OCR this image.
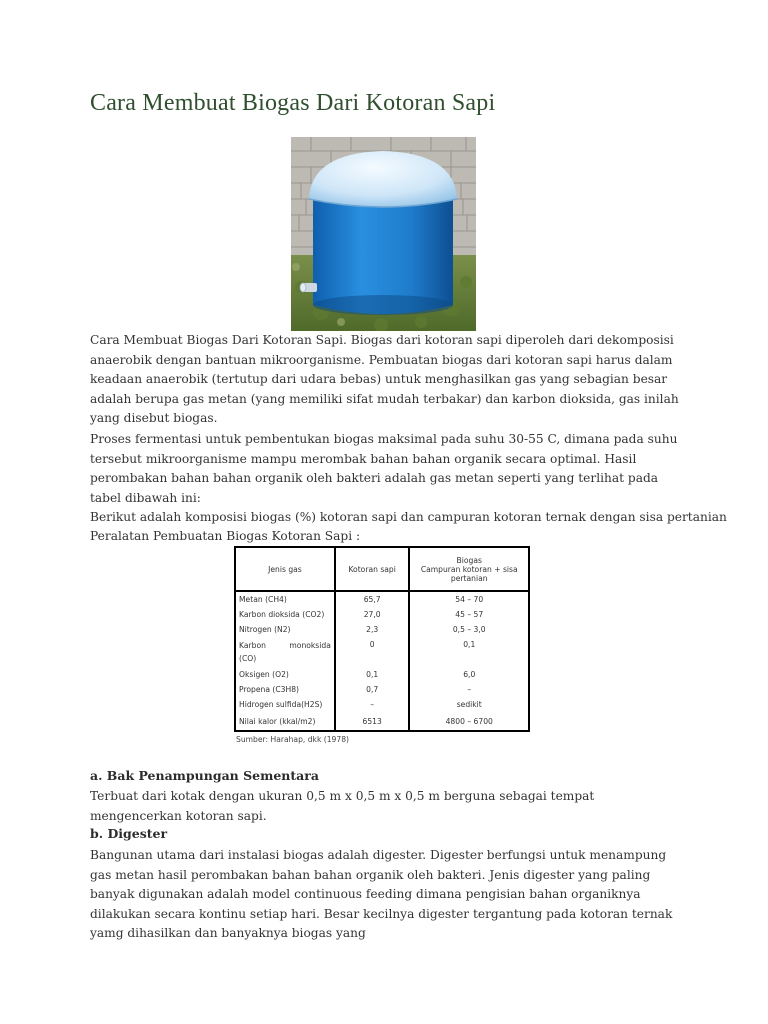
Cara Membuat Biogas Dari Kotoran Sapi

Cara Membuat Biogas Dari Kotoran Sapi. Biogas dari kotoran sapi diperoleh dari dekomposisi anaerobik dengan bantuan mikroorganisme. Pembuatan biogas dari kotoran sapi harus dalam keadaan anaerobik (tertutup dari udara bebas) untuk menghasilkan gas yang sebagian besar adalah berupa gas metan (yang memiliki sifat mudah terbakar) dan karbon dioksida, gas inilah yang disebut biogas.

Proses fermentasi untuk pembentukan biogas maksimal pada suhu 30-55 C, dimana pada suhu tersebut mikroorganisme mampu merombak bahan bahan organik secara optimal. Hasil perombakan bahan bahan organik oleh bakteri adalah gas metan seperti yang terlihat pada tabel dibawah ini:

Berikut adalah komposisi biogas (%) kotoran sapi dan campuran kotoran ternak dengan sisa pertanian

Peralatan Pembuatan Biogas Kotoran Sapi :

Jenis gas	Kotoran sapi	Biogas
Campuran kotoran + sisa
pertanian

Metan (CH4)	65,7	54 – 70
Karbon dioksida (CO2)	27,0	45 – 57
Nitrogen (N2)	2,3	0,5 – 3,0

Karbon monoksida
(CO)	0	0,1
Oksigen (O2)	0,1	6,0
Propena (C3H8)	0,7	–
Hidrogen sulfida(H2S)	–	sedikit
Nilai kalor (kkal/m2)	6513	4800 – 6700
Sumber: Harahap, dkk (1978)
a. Bak Penampungan Sementara

Terbuat dari kotak dengan ukuran 0,5 m x 0,5 m x 0,5 m berguna sebagai tempat mengencerkan kotoran sapi.

b. Digester

Bangunan utama dari instalasi biogas adalah digester. Digester berfungsi untuk menampung gas metan hasil perombakan bahan bahan organik oleh bakteri. Jenis digester yang paling banyak digunakan adalah model continuous feeding dimana pengisian bahan organiknya dilakukan secara kontinu setiap hari. Besar kecilnya digester tergantung pada kotoran ternak yamg dihasilkan dan banyaknya biogas yang
